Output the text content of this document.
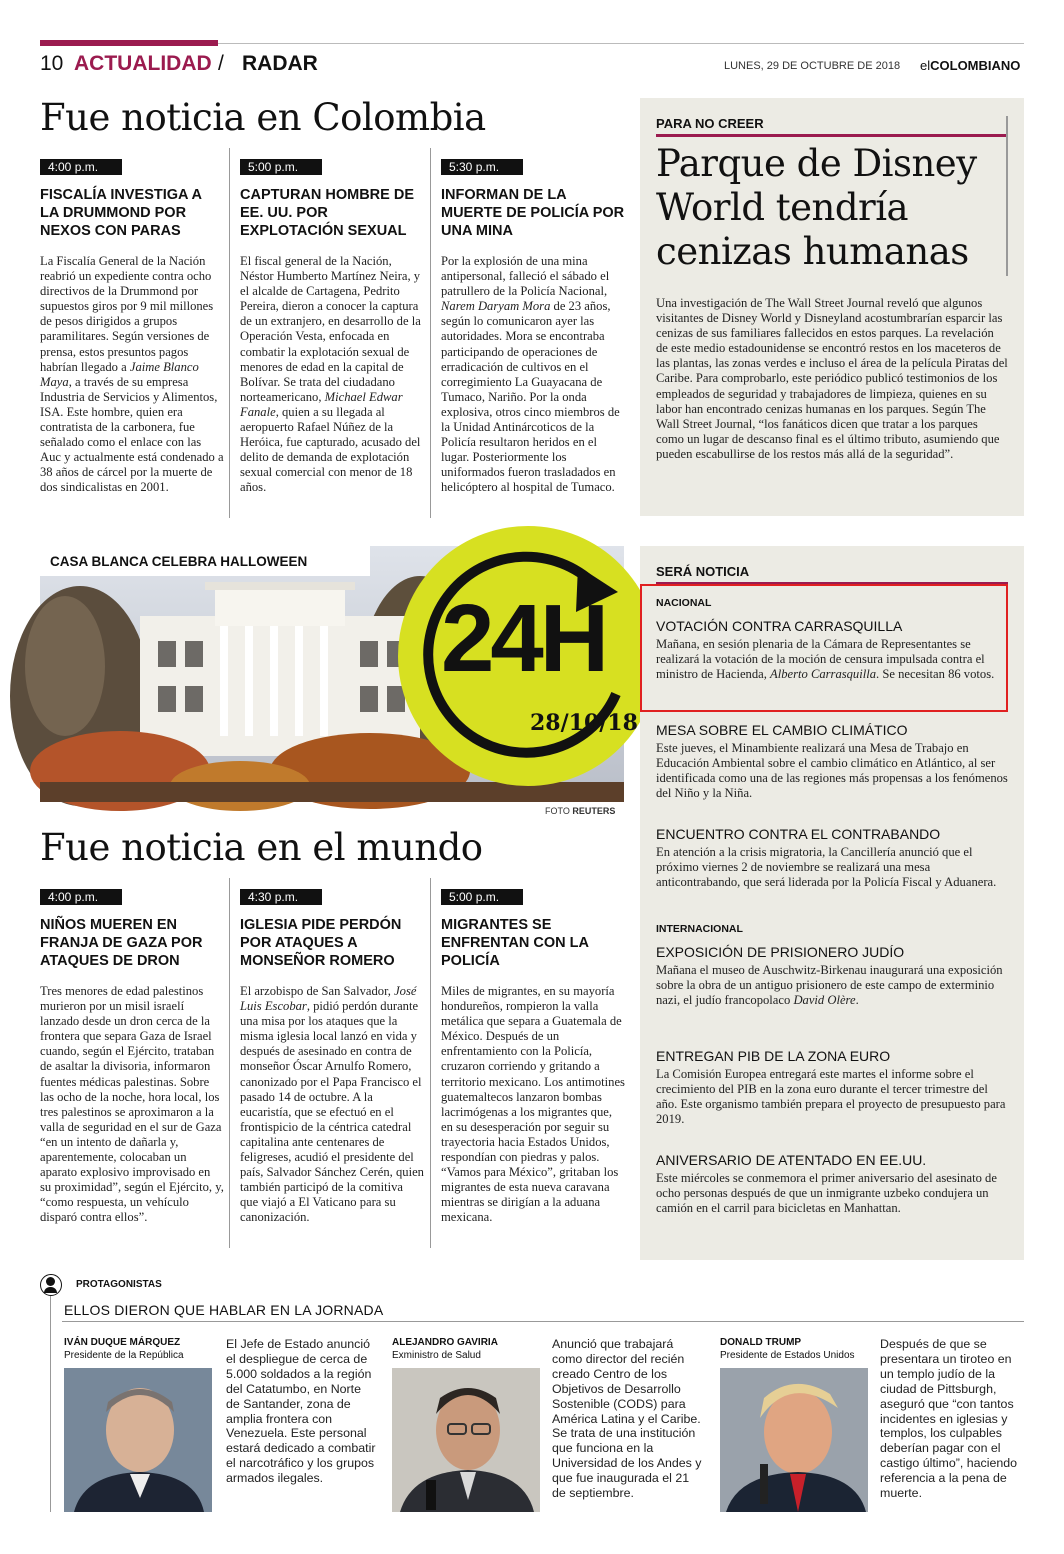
10 ACTUALIDAD / RADAR	LUNES, 29 DE OCTUBRE DE 2018 elCOLOMBIANO
Fue noticia en Colombia
4:00 p.m.
FISCALÍA INVESTIGA A LA DRUMMOND POR NEXOS CON PARAS
La Fiscalía General de la Nación reabrió un expediente contra ocho directivos de la Drummond por supuestos giros por 9 mil millones de pesos dirigidos a grupos paramilitares. Según versiones de prensa, estos presuntos pagos habrían llegado a Jaime Blanco Maya, a través de su empresa Industria de Servicios y Alimentos, ISA. Este hombre, quien era contratista de la carbonera, fue señalado como el enlace con las Auc y actualmente está condenado a 38 años de cárcel por la muerte de dos sindicalistas en 2001.
5:00 p.m.
CAPTURAN HOMBRE DE EE. UU. POR EXPLOTACIÓN SEXUAL
El fiscal general de la Nación, Néstor Humberto Martínez Neira, y el alcalde de Cartagena, Pedrito Pereira, dieron a conocer la captura de un extranjero, en desarrollo de la Operación Vesta, enfocada en combatir la explotación sexual de menores de edad en la capital de Bolívar. Se trata del ciudadano norteamericano, Michael Edwar Fanale, quien a su llegada al aeropuerto Rafael Núñez de la Heróica, fue capturado, acusado del delito de demanda de explotación sexual comercial con menor de 18 años.
5:30 p.m.
INFORMAN DE LA MUERTE DE POLICÍA POR UNA MINA
Por la explosión de una mina antipersonal, falleció el sábado el patrullero de la Policía Nacional, Narem Daryam Mora de 23 años, según lo comunicaron ayer las autoridades. Mora se encontraba participando de operaciones de erradicación de cultivos en el corregimiento La Guayacana de Tumaco, Nariño. Por la onda explosiva, otros cinco miembros de la Unidad Antinárcoticos de la Policía resultaron heridos en el lugar. Posteriormente los uniformados fueron trasladados en helicóptero al hospital de Tumaco.
PARA NO CREER
Parque de Disney World tendría cenizas humanas
Una investigación de The Wall Street Journal reveló que algunos visitantes de Disney World y Disneyland acostumbrarían esparcir las cenizas de sus familiares fallecidos en estos parques. La revelación de este medio estadounidense se encontró restos en los maceteros de las plantas, las zonas verdes e incluso el área de la película Piratas del Caribe. Para comprobarlo, este periódico publicó testimonios de los empleados de seguridad y trabajadores de limpieza, quienes en su labor han encontrado cenizas humanas en los parques. Según The Wall Street Journal, “los fanáticos dicen que tratar a los parques como un lugar de descanso final es el último tributo, asumiendo que pueden escabullirse de los restos más allá de la seguridad”.
24H
28/10/18
CASA BLANCA CELEBRA HALLOWEEN
FOTO REUTERS
SERÁ NOTICIA
NACIONAL
VOTACIÓN CONTRA CARRASQUILLA
Mañana, en sesión plenaria de la Cámara de Representantes se realizará la votación de la moción de censura impulsada contra el ministro de Hacienda, Alberto Carrasquilla. Se necesitan 86 votos.
MESA SOBRE EL CAMBIO CLIMÁTICO
Este jueves, el Minambiente realizará una Mesa de Trabajo en Educación Ambiental sobre el cambio climático en Atlántico, al ser identificada como una de las regiones más propensas a los fenómenos del Niño y la Niña.
ENCUENTRO CONTRA EL CONTRABANDO
En atención a la crisis migratoria, la Cancillería anunció que el próximo viernes 2 de noviembre se realizará una mesa anticontrabando, que será liderada por la Policía Fiscal y Aduanera.
INTERNACIONAL
EXPOSICIÓN DE PRISIONERO JUDÍO
Mañana el museo de Auschwitz-Birkenau inaugurará una exposición sobre la obra de un antiguo prisionero de este campo de exterminio nazi, el judío francopolaco David Olère.
ENTREGAN PIB DE LA ZONA EURO
La Comisión Europea entregará este martes el informe sobre el crecimiento del PIB en la zona euro durante el tercer trimestre del año. Este organismo también prepara el proyecto de presupuesto para 2019.
ANIVERSARIO DE ATENTADO EN EE.UU.
Este miércoles se conmemora el primer aniversario del asesinato de ocho personas después de que un inmigrante uzbeko condujera un camión en el carril para bicicletas en Manhattan.
Fue noticia en el mundo
4:00 p.m.
NIÑOS MUEREN EN FRANJA DE GAZA POR ATAQUES DE DRON
Tres menores de edad palestinos murieron por un misil israelí lanzado desde un dron cerca de la frontera que separa Gaza de Israel cuando, según el Ejército, trataban de asaltar la divisoria, informaron fuentes médicas palestinas. Sobre las ocho de la noche, hora local, los tres palestinos se aproximaron a la valla de seguridad en el sur de Gaza “en un intento de dañarla y, aparentemente, colocaban un aparato explosivo improvisado en su proximidad”, según el Ejército, y, “como respuesta, un vehículo disparó contra ellos”.
4:30 p.m.
IGLESIA PIDE PERDÓN POR ATAQUES A MONSEÑOR ROMERO
El arzobispo de San Salvador, José Luis Escobar, pidió perdón durante una misa por los ataques que la misma iglesia local lanzó en vida y después de asesinado en contra de monseñor Óscar Arnulfo Romero, canonizado por el Papa Francisco el pasado 14 de octubre. A la eucaristía, que se efectuó en el frontispicio de la céntrica catedral capitalina ante centenares de feligreses, acudió el presidente del país, Salvador Sánchez Cerén, quien también participó de la comitiva que viajó a El Vaticano para su canonización.
5:00 p.m.
MIGRANTES SE ENFRENTAN CON LA POLICÍA
Miles de migrantes, en su mayoría hondureños, rompieron la valla metálica que separa a Guatemala de México. Después de un enfrentamiento con la Policía, cruzaron corriendo y gritando a territorio mexicano. Los antimotines guatemaltecos lanzaron bombas lacrimógenas a los migrantes que, en su desesperación por seguir su trayectoria hacia Estados Unidos, respondían con piedras y palos. “Vamos para México”, gritaban los migrantes de esta nueva caravana mientras se dirigían a la aduana mexicana.
PROTAGONISTAS
ELLOS DIERON QUE HABLAR EN LA JORNADA
IVÁN DUQUE MÁRQUEZ
Presidente de la República
El Jefe de Estado anunció el despliegue de cerca de 5.000 soldados a la región del Catatumbo, en Norte de Santander, zona de amplia frontera con Venezuela. Este personal estará dedicado a combatir el narcotráfico y los grupos armados ilegales.
ALEJANDRO GAVIRIA
Exministro de Salud
Anunció que trabajará como director del recién creado Centro de los Objetivos de Desarrollo Sostenible (CODS) para América Latina y el Caribe. Se trata de una institución que funciona en la Universidad de los Andes y que fue inaugurada el 21 de septiembre.
DONALD TRUMP
Presidente de Estados Unidos
Después de que se presentara un tiroteo en un templo judío de la ciudad de Pittsburgh, aseguró que “con tantos incidentes en iglesias y templos, los culpables deberían pagar con el castigo último”, haciendo referencia a la pena de muerte.
